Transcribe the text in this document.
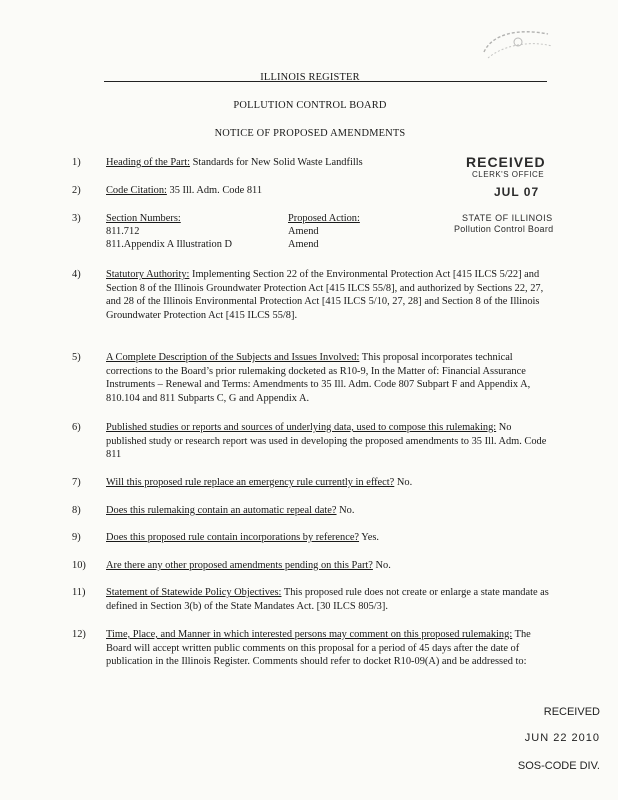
ILLINOIS REGISTER
POLLUTION CONTROL BOARD
NOTICE OF PROPOSED AMENDMENTS
RECEIVED
CLERK'S OFFICE
JUL 07
STATE OF ILLINOIS
Pollution Control Board
1)	Heading of the Part: Standards for New Solid Waste Landfills
2)	Code Citation: 35 Ill. Adm. Code 811
3)	Section Numbers:	Proposed Action:
811.712	Amend
811.Appendix A Illustration D	Amend
4)	Statutory Authority: Implementing Section 22 of the Environmental Protection Act [415 ILCS 5/22] and Section 8 of the Illinois Groundwater Protection Act [415 ILCS 55/8], and authorized by Sections 22, 27, and 28 of the Illinois Environmental Protection Act [415 ILCS 5/10, 27, 28] and Section 8 of the Illinois Groundwater Protection Act [415 ILCS 55/8].
5)	A Complete Description of the Subjects and Issues Involved: This proposal incorporates technical corrections to the Board’s prior rulemaking docketed as R10-9, In the Matter of: Financial Assurance Instruments – Renewal and Terms: Amendments to 35 Ill. Adm. Code 807 Subpart F and Appendix A, 810.104 and 811 Subparts C, G and Appendix A.
6)	Published studies or reports and sources of underlying data, used to compose this rulemaking: No published study or research report was used in developing the proposed amendments to 35 Ill. Adm. Code 811
7)	Will this proposed rule replace an emergency rule currently in effect? No.
8)	Does this rulemaking contain an automatic repeal date? No.
9)	Does this proposed rule contain incorporations by reference? Yes.
10)	Are there any other proposed amendments pending on this Part? No.
11)	Statement of Statewide Policy Objectives: This proposed rule does not create or enlarge a state mandate as defined in Section 3(b) of the State Mandates Act. [30 ILCS 805/3].
12)	Time, Place, and Manner in which interested persons may comment on this proposed rulemaking: The Board will accept written public comments on this proposal for a period of 45 days after the date of publication in the Illinois Register. Comments should refer to docket R10-09(A) and be addressed to:
RECEIVED
JUN 22 2010
SOS-CODE DIV.
